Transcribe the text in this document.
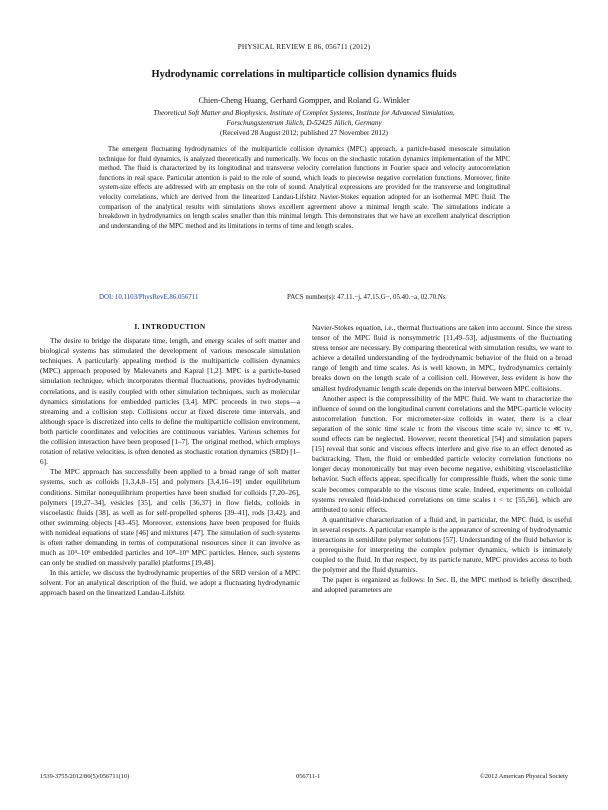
PHYSICAL REVIEW E 86, 056711 (2012)
Hydrodynamic correlations in multiparticle collision dynamics fluids
Chien-Cheng Huang, Gerhard Gompper, and Roland G. Winkler
Theoretical Soft Matter and Biophysics, Institute of Complex Systems, Institute for Advanced Simulation,
Forschungszentrum Jülich, D-52425 Jülich, Germany
(Received 28 August 2012; published 27 November 2012)

The emergent fluctuating hydrodynamics of the multiparticle collision dynamics (MPC) approach, a particle-based mesoscale simulation technique for fluid dynamics, is analyzed theoretically and numerically. We focus on the stochastic rotation dynamics implementation of the MPC method. The fluid is characterized by its longitudinal and transverse velocity correlation functions in Fourier space and velocity autocorrelation functions in real space. Particular attention is paid to the role of sound, which leads to piecewise negative correlation functions. Moreover, finite system-size effects are addressed with an emphasis on the role of sound. Analytical expressions are provided for the transverse and longitudinal velocity correlations, which are derived from the linearized Landau-Lifshitz Navier-Stokes equation adopted for an isothermal MPC fluid. The comparison of the analytical results with simulations shows excellent agreement above a minimal length scale. The simulations indicate a breakdown in hydrodynamics on length scales smaller than this minimal length. This demonstrates that we have an excellent analytical description and understanding of the MPC method and its limitations in terms of time and length scales.

DOI: 10.1103/PhysRevE.86.056711	PACS number(s): 47.11.−j, 47.15.G−, 05.40.−a, 02.70.Ns
I. INTRODUCTION

The desire to bridge the disparate time, length, and energy scales of soft matter and biological systems has stimulated the development of various mesoscale simulation techniques. A particularly appealing method is the multiparticle collision dynamics (MPC) approach proposed by Malevanets and Kapral [1,2]. MPC is a particle-based simulation technique, which incorporates thermal fluctuations, provides hydrodynamic correlations, and is easily coupled with other simulation techniques, such as molecular dynamics simulations for embedded particles [3,4]. MPC proceeds in two steps—a streaming and a collision step. Collisions occur at fixed discrete time intervals, and although space is discretized into cells to define the multiparticle collision environment, both particle coordinates and velocities are continuous variables. Various schemes for the collision interaction have been proposed [1–7]. The original method, which employs rotation of relative velocities, is often denoted as stochastic rotation dynamics (SRD) [1–6].

The MPC approach has successfully been applied to a broad range of soft matter systems, such as colloids [1,3,4,8–15] and polymers [3,4,16–19] under equilibrium conditions. Similar nonequilibrium properties have been studied for colloids [7,20–26], polymers [19,27–34], vesicles [35], and cells [36,37] in flow fields, colloids in viscoelastic fluids [38], as well as for self-propelled spheres [39–41], rods [3,42], and other swimming objects [43–45]. Moreover, extensions have been proposed for fluids with nonideal equations of state [46] and mixtures [47]. The simulation of such systems is often rather demanding in terms of computational resources since it can involve as much as 10⁴–10⁶ embedded particles and 10⁸–10⁹ MPC particles. Hence, such systems can only be studied on massively parallel platforms [19,48].

In this article, we discuss the hydrodynamic properties of the SRD version of a MPC solvent. For an analytical description of the fluid, we adopt a fluctuating hydrodynamic approach based on the linearized Landau-Lifshitz

Navier-Stokes equation, i.e., thermal fluctuations are taken into account. Since the stress tensor of the MPC fluid is nonsymmetric [11,49–53], adjustments of the fluctuating stress tensor are necessary. By comparing theoretical with simulation results, we want to achieve a detailed understanding of the hydrodynamic behavior of the fluid on a broad range of length and time scales. As is well known, in MPC, hydrodynamics certainly breaks down on the length scale of a collision cell. However, less evident is how the smallest hydrodynamic length scale depends on the interval between MPC collisions.

Another aspect is the compressibility of the MPC fluid. We want to characterize the influence of sound on the longitudinal current correlations and the MPC-particle velocity autocorrelation function. For micrometer-size colloids in water, there is a clear separation of the sonic time scale τc from the viscous time scale τν; since τc ≪ τν, sound effects can be neglected. However, recent theoretical [54] and simulation papers [15] reveal that sonic and viscous effects interfere and give rise to an effect denoted as backtracking. Then, the fluid or embedded particle velocity correlation functions no longer decay monotonically but may even become negative, exhibiting viscoelasticlike behavior. Such effects appear, specifically for compressible fluids, when the sonic time scale becomes comparable to the viscous time scale. Indeed, experiments on colloidal systems revealed fluid-induced correlations on time scales t < τc [55,56], which are attributed to sonic effects.

A quantitative characterization of a fluid and, in particular, the MPC fluid, is useful in several respects. A particular example is the appearance of screening of hydrodynamic interactions in semidilute polymer solutions [57]. Understanding of the fluid behavior is a prerequisite for interpreting the complex polymer dynamics, which is intimately coupled to the fluid. In that respect, by its particle nature, MPC provides access to both the polymer and the fluid dynamics.

The paper is organized as follows: In Sec. II, the MPC method is briefly described, and adopted parameters are

1539-3755/2012/86(5)/056711(10)	056711-1	©2012 American Physical Society
